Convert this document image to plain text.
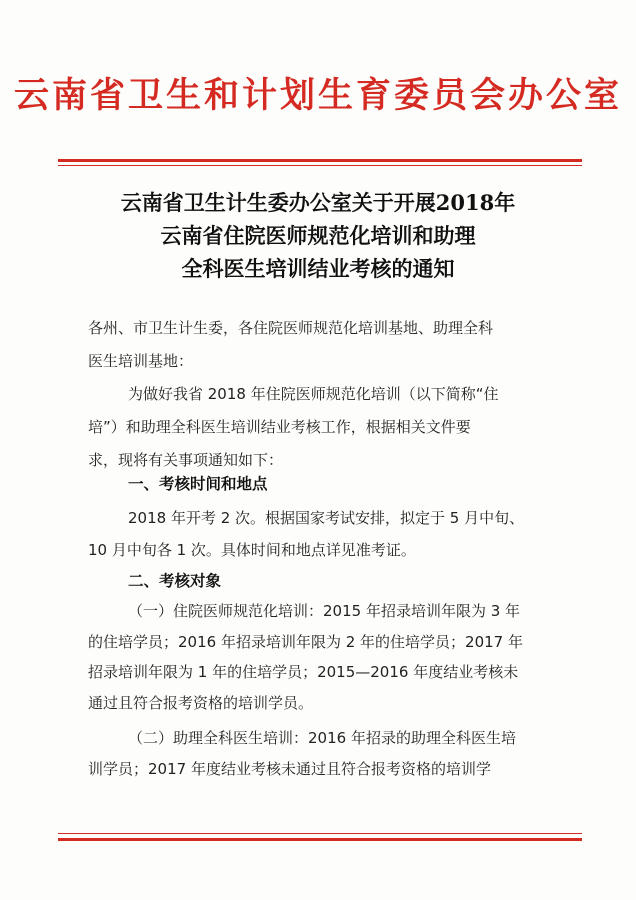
云南省卫生和计划生育委员会办公室
云南省卫生计生委办公室关于开展2018年
云南省住院医师规范化培训和助理
全科医生培训结业考核的通知
各州、市卫生计生委，各住院医师规范化培训基地、助理全科
医生培训基地：
为做好我省 2018 年住院医师规范化培训（以下简称“住
培”）和助理全科医生培训结业考核工作，根据相关文件要
求，现将有关事项通知如下：
一、考核时间和地点
2018 年开考 2 次。根据国家考试安排，拟定于 5 月中旬、
10 月中旬各 1 次。具体时间和地点详见准考证。
二、考核对象
（一）住院医师规范化培训：2015 年招录培训年限为 3 年
的住培学员；2016 年招录培训年限为 2 年的住培学员；2017 年
招录培训年限为 1 年的住培学员；2015—2016 年度结业考核未
通过且符合报考资格的培训学员。
（二）助理全科医生培训：2016 年招录的助理全科医生培
训学员；2017 年度结业考核未通过且符合报考资格的培训学
